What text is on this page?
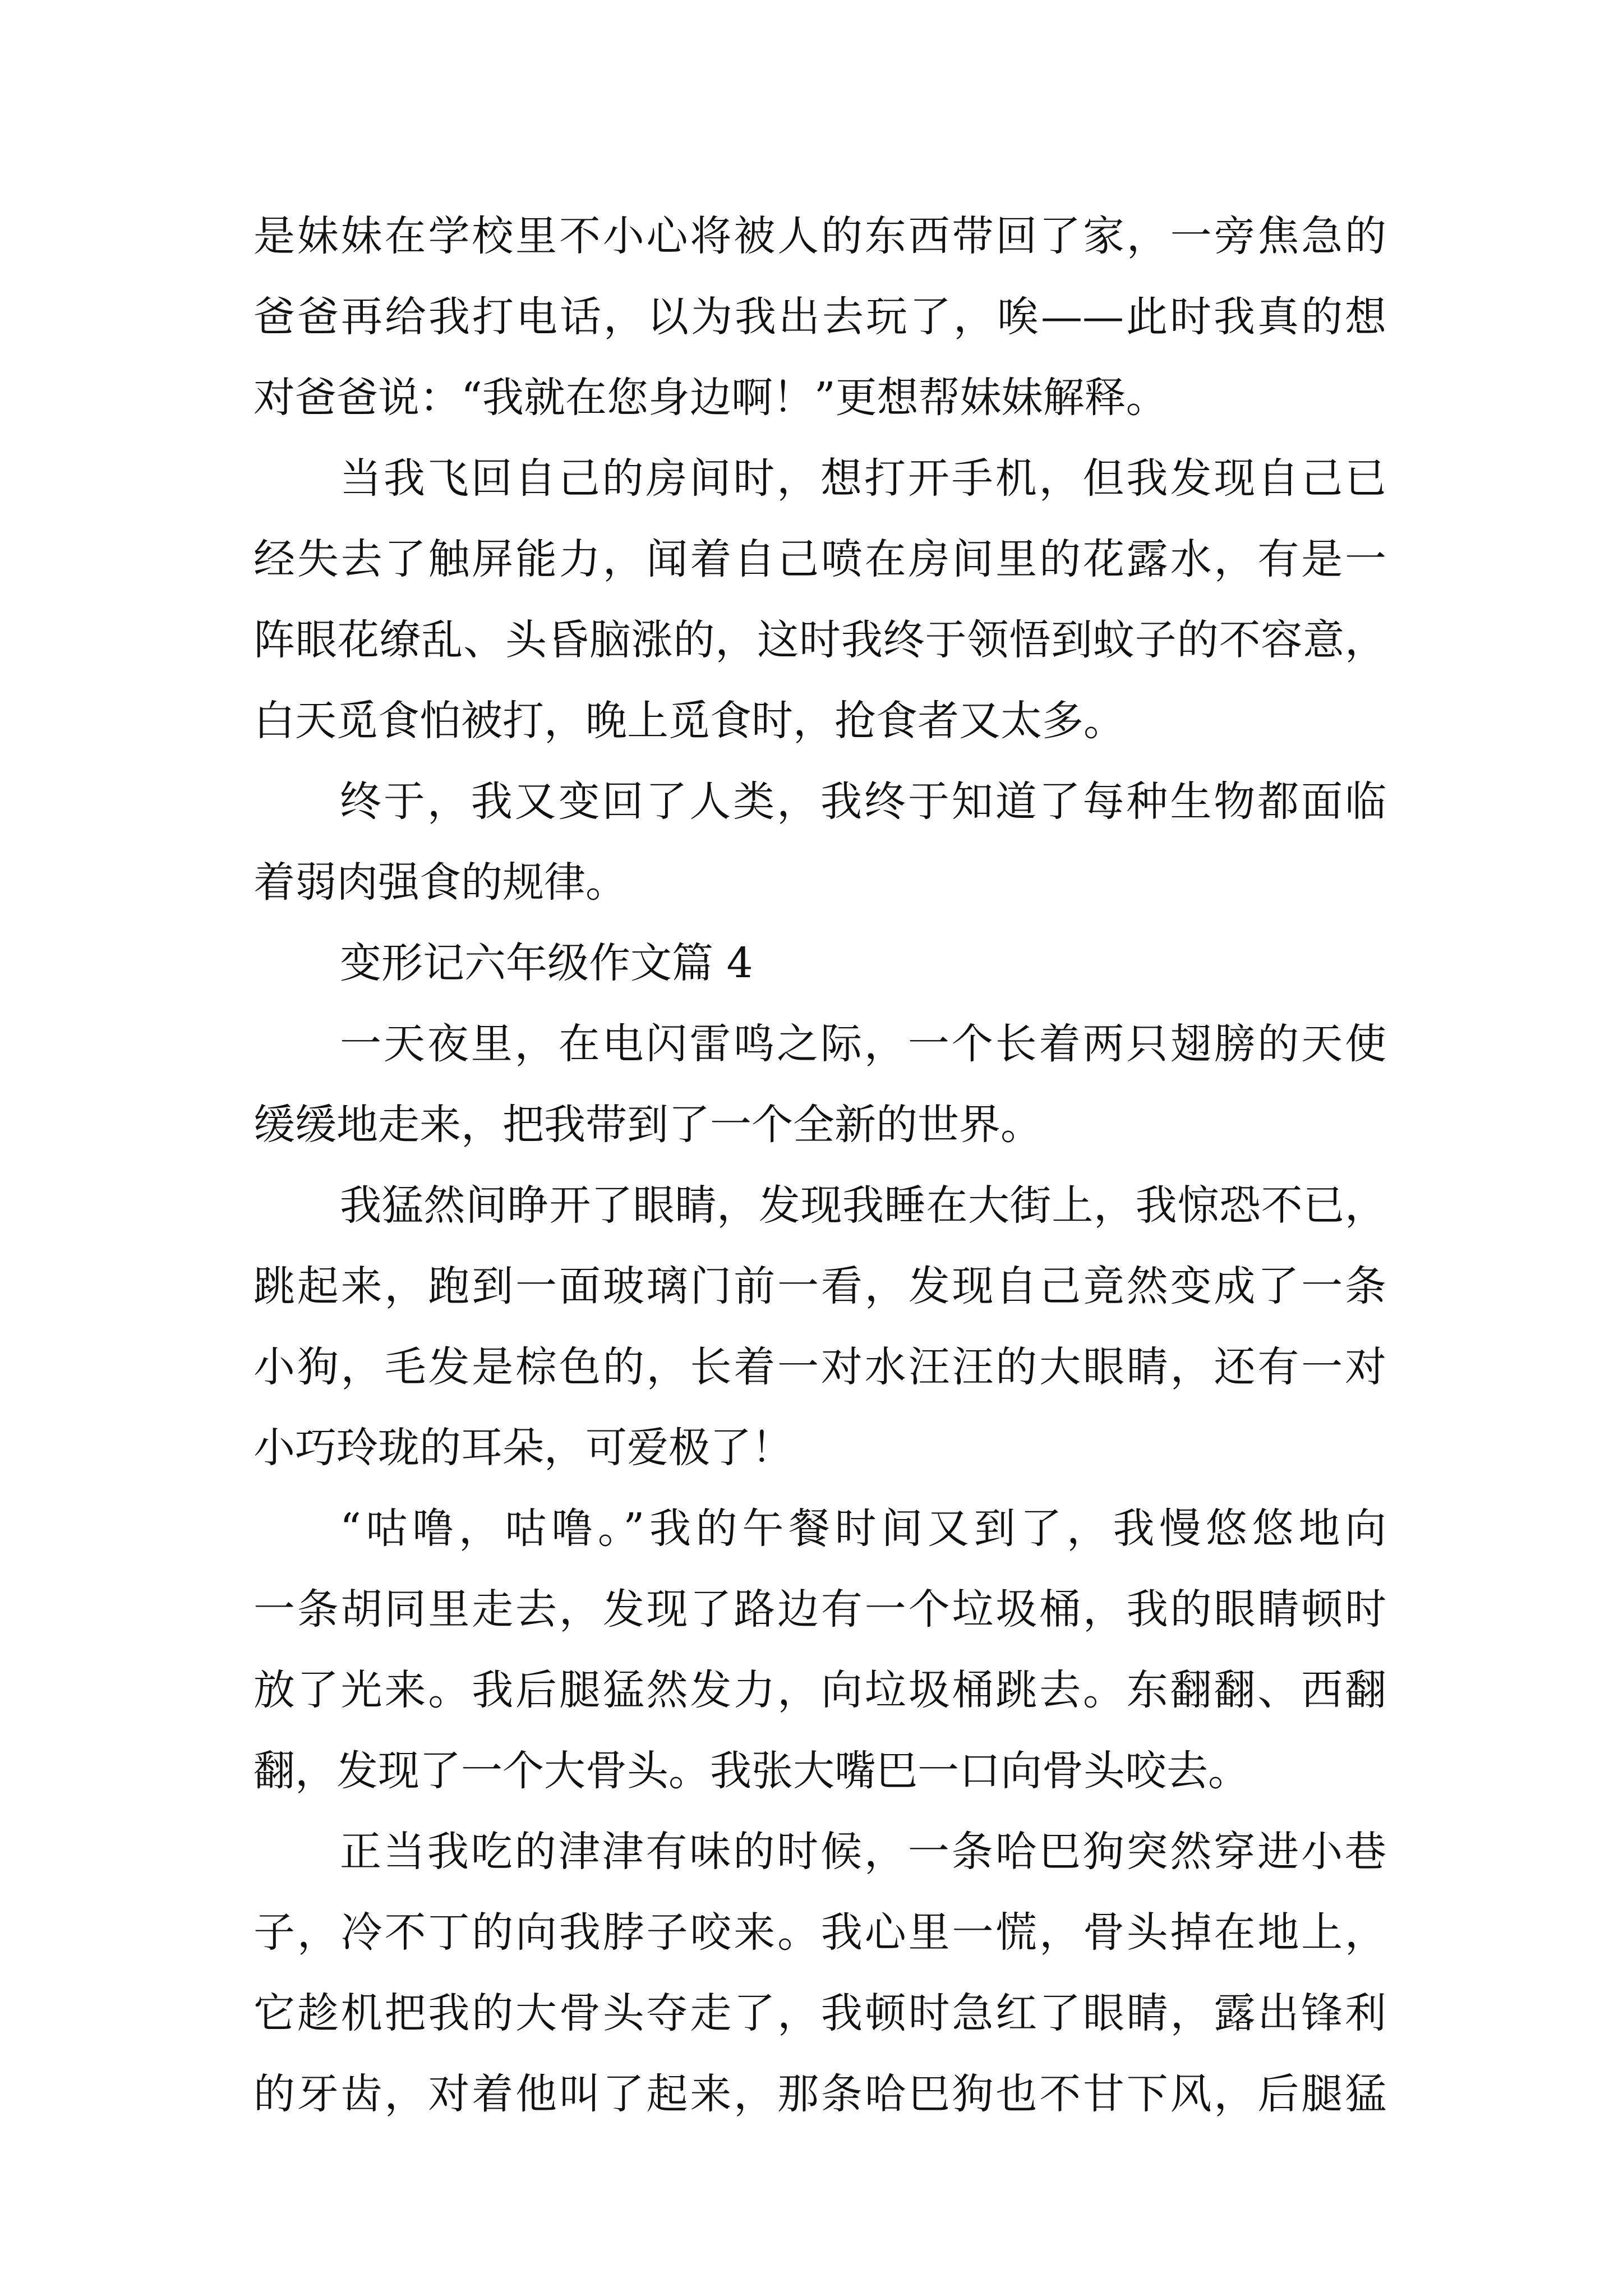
是妹妹在学校里不小心将被人的东西带回了家，一旁焦急的
爸爸再给我打电话，以为我出去玩了，唉——此时我真的想
对爸爸说：“我就在您身边啊！”更想帮妹妹解释。
当我飞回自己的房间时，想打开手机，但我发现自己已
经失去了触屏能力，闻着自己喷在房间里的花露水，有是一
阵眼花缭乱、头昏脑涨的，这时我终于领悟到蚊子的不容意，
白天觅食怕被打，晚上觅食时，抢食者又太多。
终于，我又变回了人类，我终于知道了每种生物都面临
着弱肉强食的规律。
变形记六年级作文篇 4
一天夜里，在电闪雷鸣之际，一个长着两只翅膀的天使
缓缓地走来，把我带到了一个全新的世界。
我猛然间睁开了眼睛，发现我睡在大街上，我惊恐不已，
跳起来，跑到一面玻璃门前一看，发现自己竟然变成了一条
小狗，毛发是棕色的，长着一对水汪汪的大眼睛，还有一对
小巧玲珑的耳朵，可爱极了！
“咕噜，咕噜。”我的午餐时间又到了，我慢悠悠地向
一条胡同里走去，发现了路边有一个垃圾桶，我的眼睛顿时
放了光来。我后腿猛然发力，向垃圾桶跳去。东翻翻、西翻
翻，发现了一个大骨头。我张大嘴巴一口向骨头咬去。
正当我吃的津津有味的时候，一条哈巴狗突然穿进小巷
子，冷不丁的向我脖子咬来。我心里一慌，骨头掉在地上，
它趁机把我的大骨头夺走了，我顿时急红了眼睛，露出锋利
的牙齿，对着他叫了起来，那条哈巴狗也不甘下风，后腿猛
